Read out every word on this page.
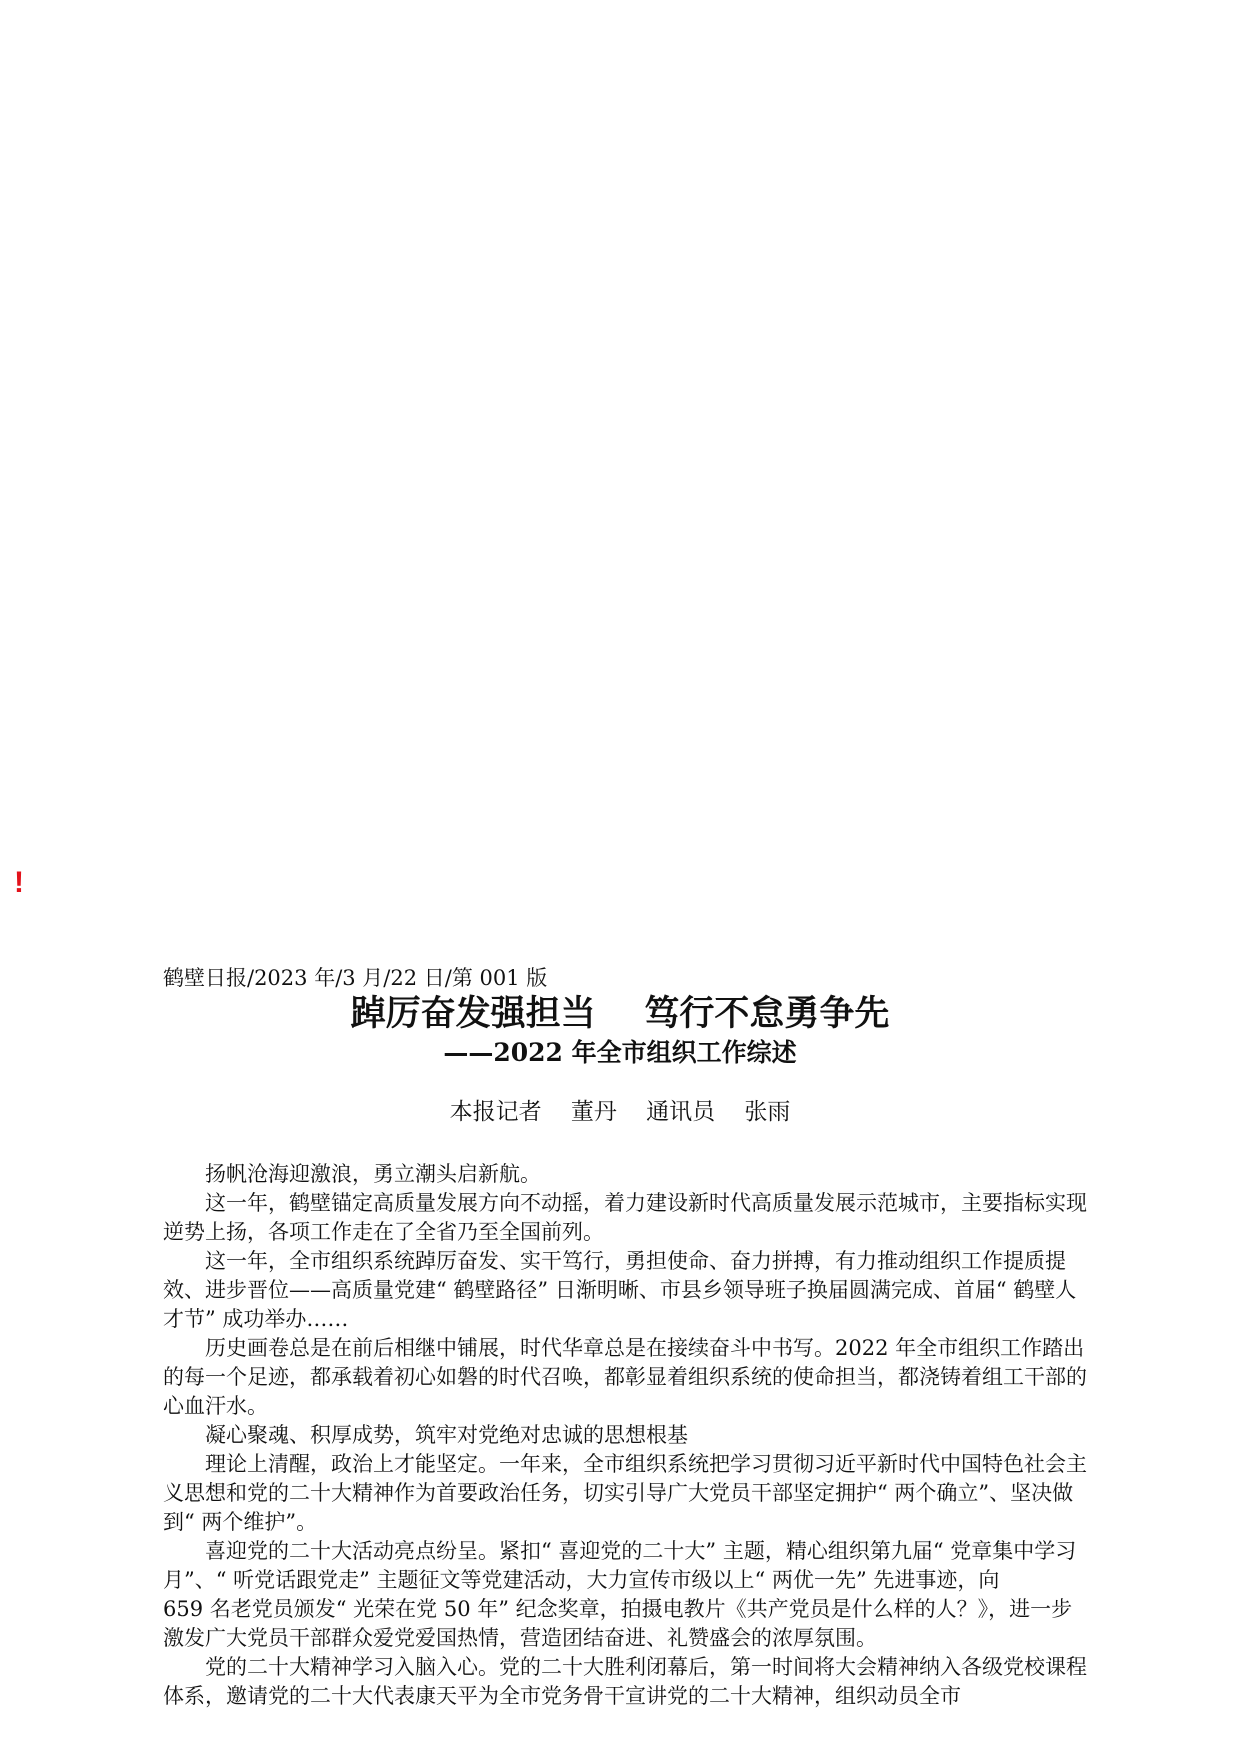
!
鹤壁日报/2023 年/3 月/22 日/第 001 版
踔厉奋发强担当    笃行不怠勇争先
——2022 年全市组织工作综述
本报记者    董丹    通讯员    张雨

扬帆沧海迎激浪，勇立潮头启新航。

这一年，鹤壁锚定高质量发展方向不动摇，着力建设新时代高质量发展示范城市，主要指标实现逆势上扬，各项工作走在了全省乃至全国前列。

这一年，全市组织系统踔厉奋发、实干笃行，勇担使命、奋力拼搏，有力推动组织工作提质提效、进步晋位——高质量党建“ 鹤壁路径” 日渐明晰、市县乡领导班子换届圆满完成、首届“ 鹤壁人才节” 成功举办……

历史画卷总是在前后相继中铺展，时代华章总是在接续奋斗中书写。2022 年全市组织工作踏出的每一个足迹，都承载着初心如磐的时代召唤，都彰显着组织系统的使命担当，都浇铸着组工干部的心血汗水。

凝心聚魂、积厚成势，筑牢对党绝对忠诚的思想根基

理论上清醒，政治上才能坚定。一年来，全市组织系统把学习贯彻习近平新时代中国特色社会主义思想和党的二十大精神作为首要政治任务，切实引导广大党员干部坚定拥护“ 两个确立”、坚决做到“ 两个维护”。

喜迎党的二十大活动亮点纷呈。紧扣“ 喜迎党的二十大” 主题，精心组织第九届“ 党章集中学习月”、“ 听党话跟党走” 主题征文等党建活动，大力宣传市级以上“ 两优一先” 先进事迹，向

659 名老党员颁发“ 光荣在党 50 年” 纪念奖章，拍摄电教片《共产党员是什么样的人？》，进一步激发广大党员干部群众爱党爱国热情，营造团结奋进、礼赞盛会的浓厚氛围。

党的二十大精神学习入脑入心。党的二十大胜利闭幕后，第一时间将大会精神纳入各级党校课程体系，邀请党的二十大代表康天平为全市党务骨干宣讲党的二十大精神，组织动员全市
